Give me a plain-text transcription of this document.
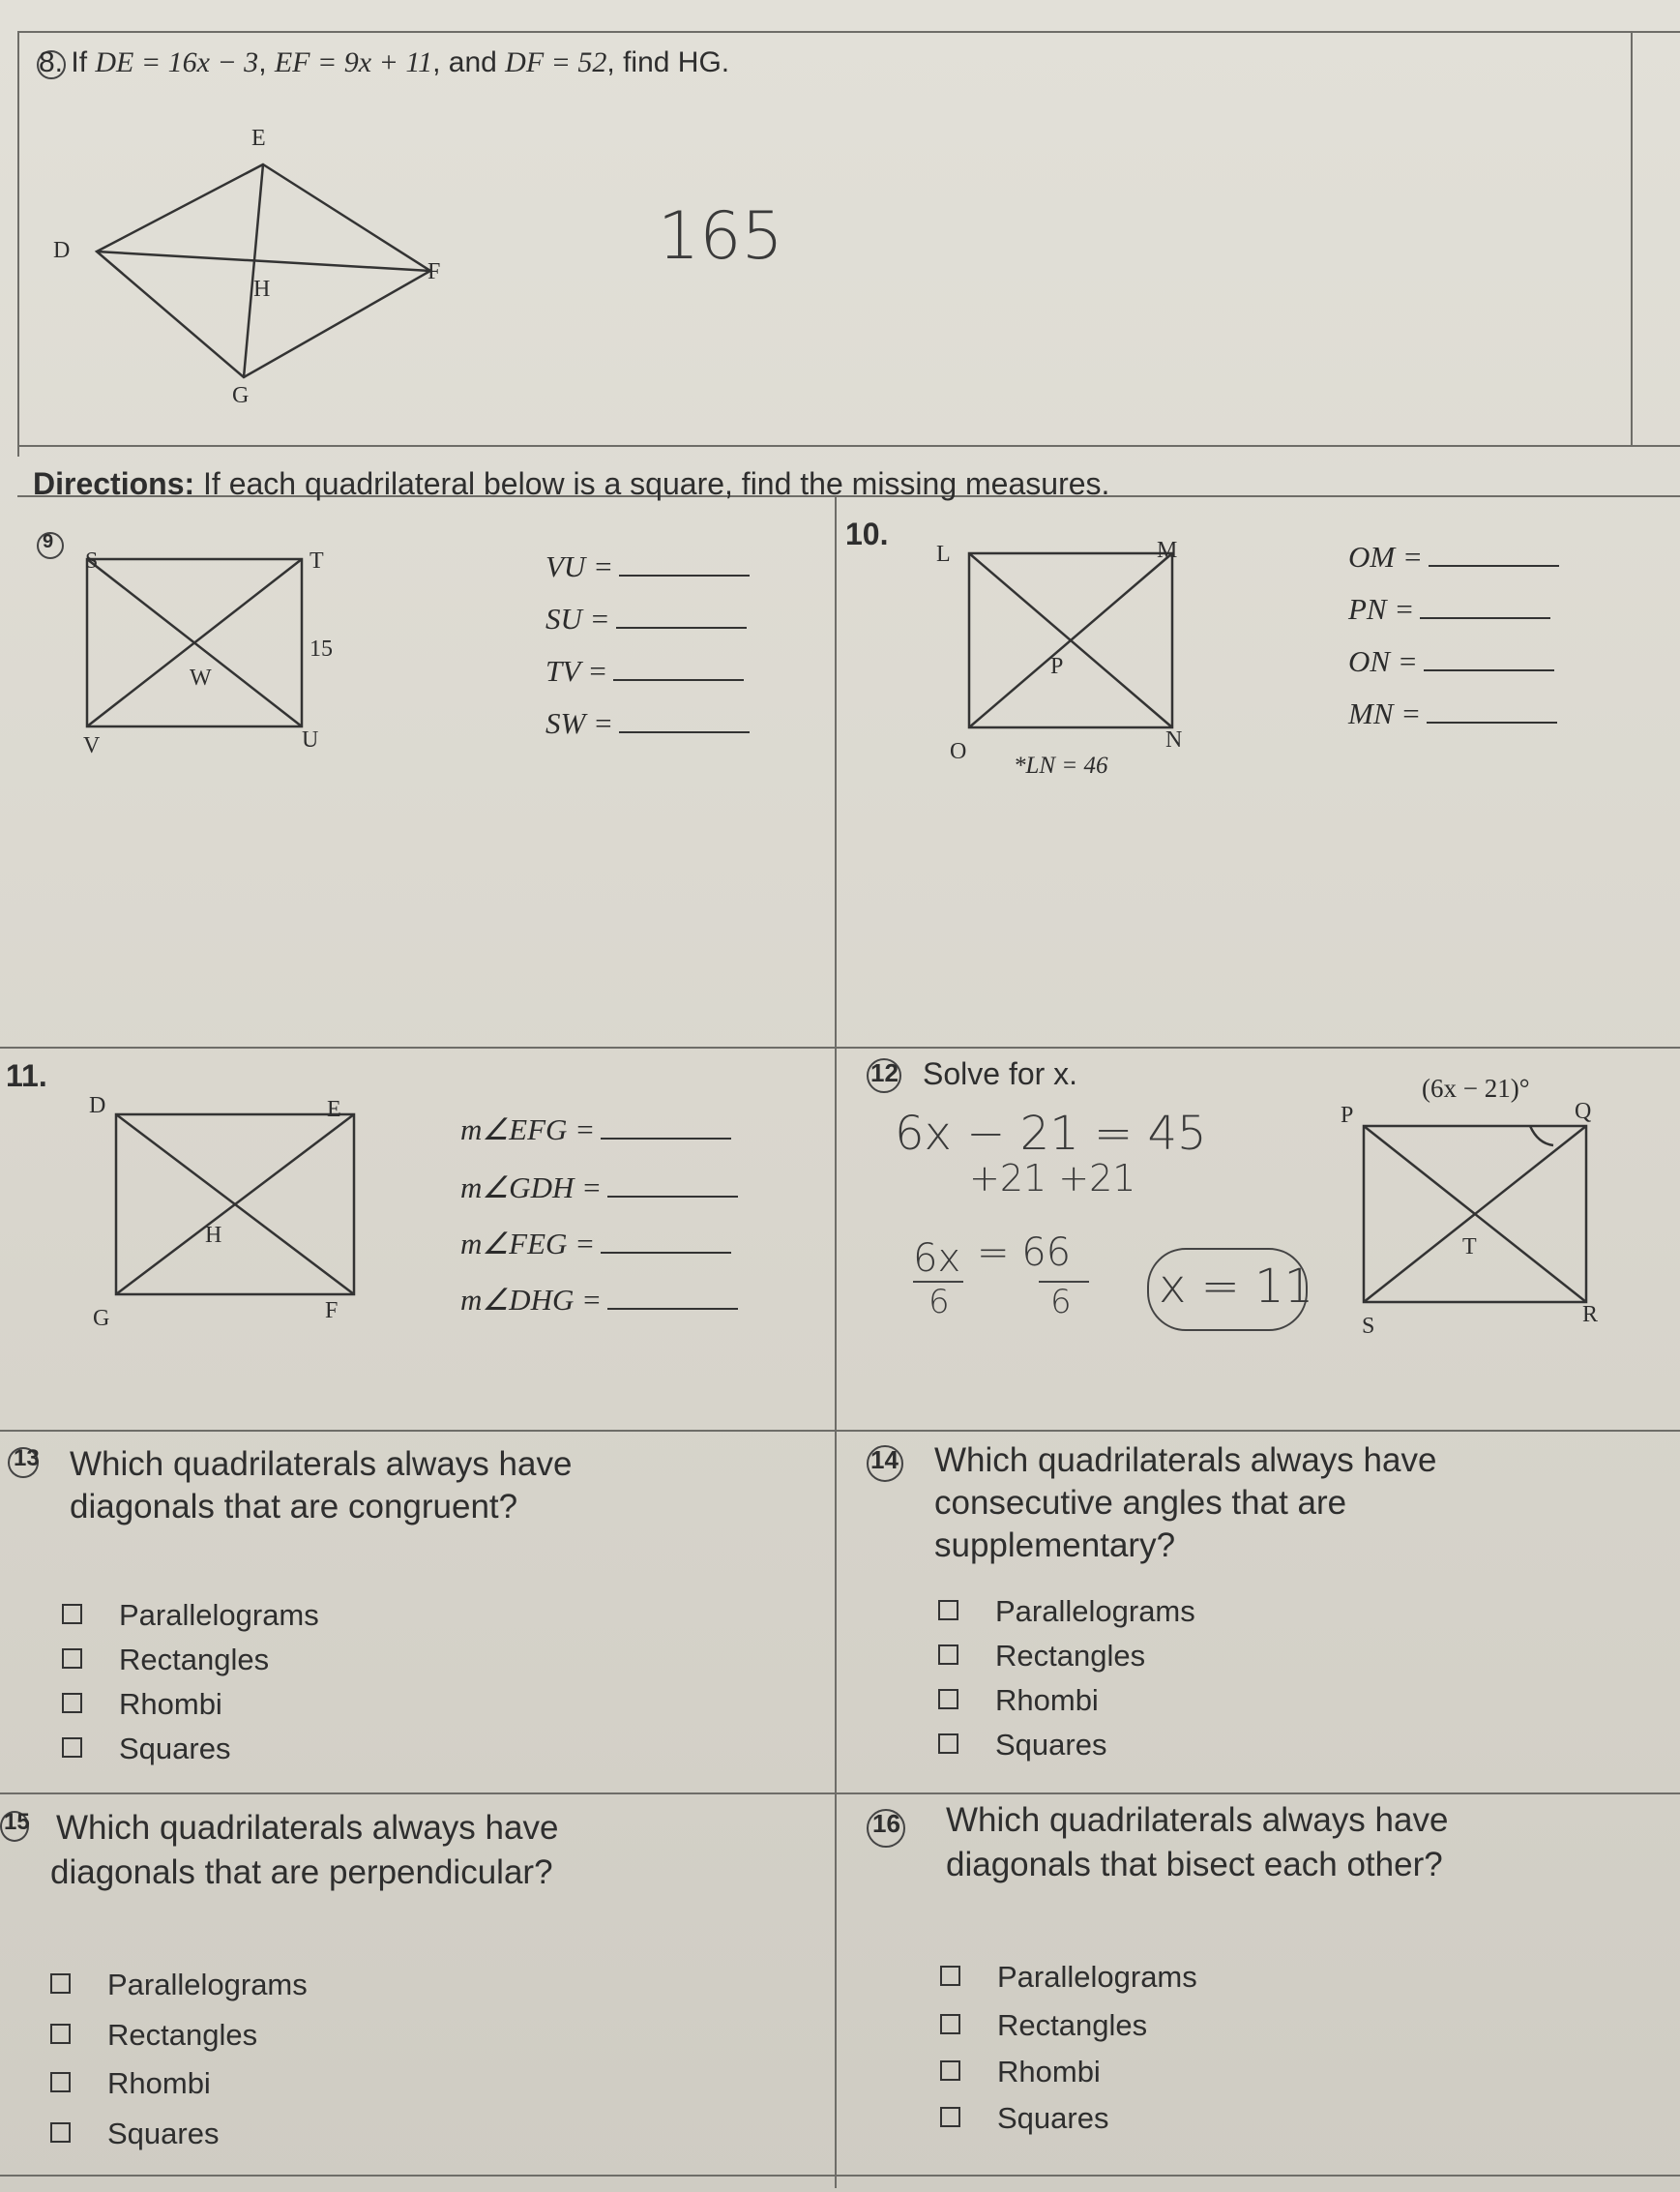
8. If DE = 16x − 3, EF = 9x + 11, and DF = 52, find HG.
E
D
F
H
G
165
Directions: If each quadrilateral below is a square, find the missing measures.
9
S	T
15
W
V	U
VU =
SU =
TV =
SW =
10.
L	M
P
O	N
*LN = 46
OM =
PN =
ON =
MN =
11.
D	E
H
G	F
m∠EFG =
m∠GDH =
m∠FEG =
m∠DHG =
12 Solve for x.	(6x − 21)°
P	Q
T
S	R
6x − 21 = 45
+21 +21
6x = 66
6	6 x = 11
13 Which quadrilaterals always have
diagonals that are congruent?
Parallelograms
Rectangles
Rhombi
Squares
14 Which quadrilaterals always have
consecutive angles that are
supplementary?
Parallelograms
Rectangles
Rhombi
Squares
15 Which quadrilaterals always have
diagonals that are perpendicular?
Parallelograms
Rectangles
Rhombi
Squares
16 Which quadrilaterals always have
diagonals that bisect each other?
Parallelograms
Rectangles
Rhombi
Squares
